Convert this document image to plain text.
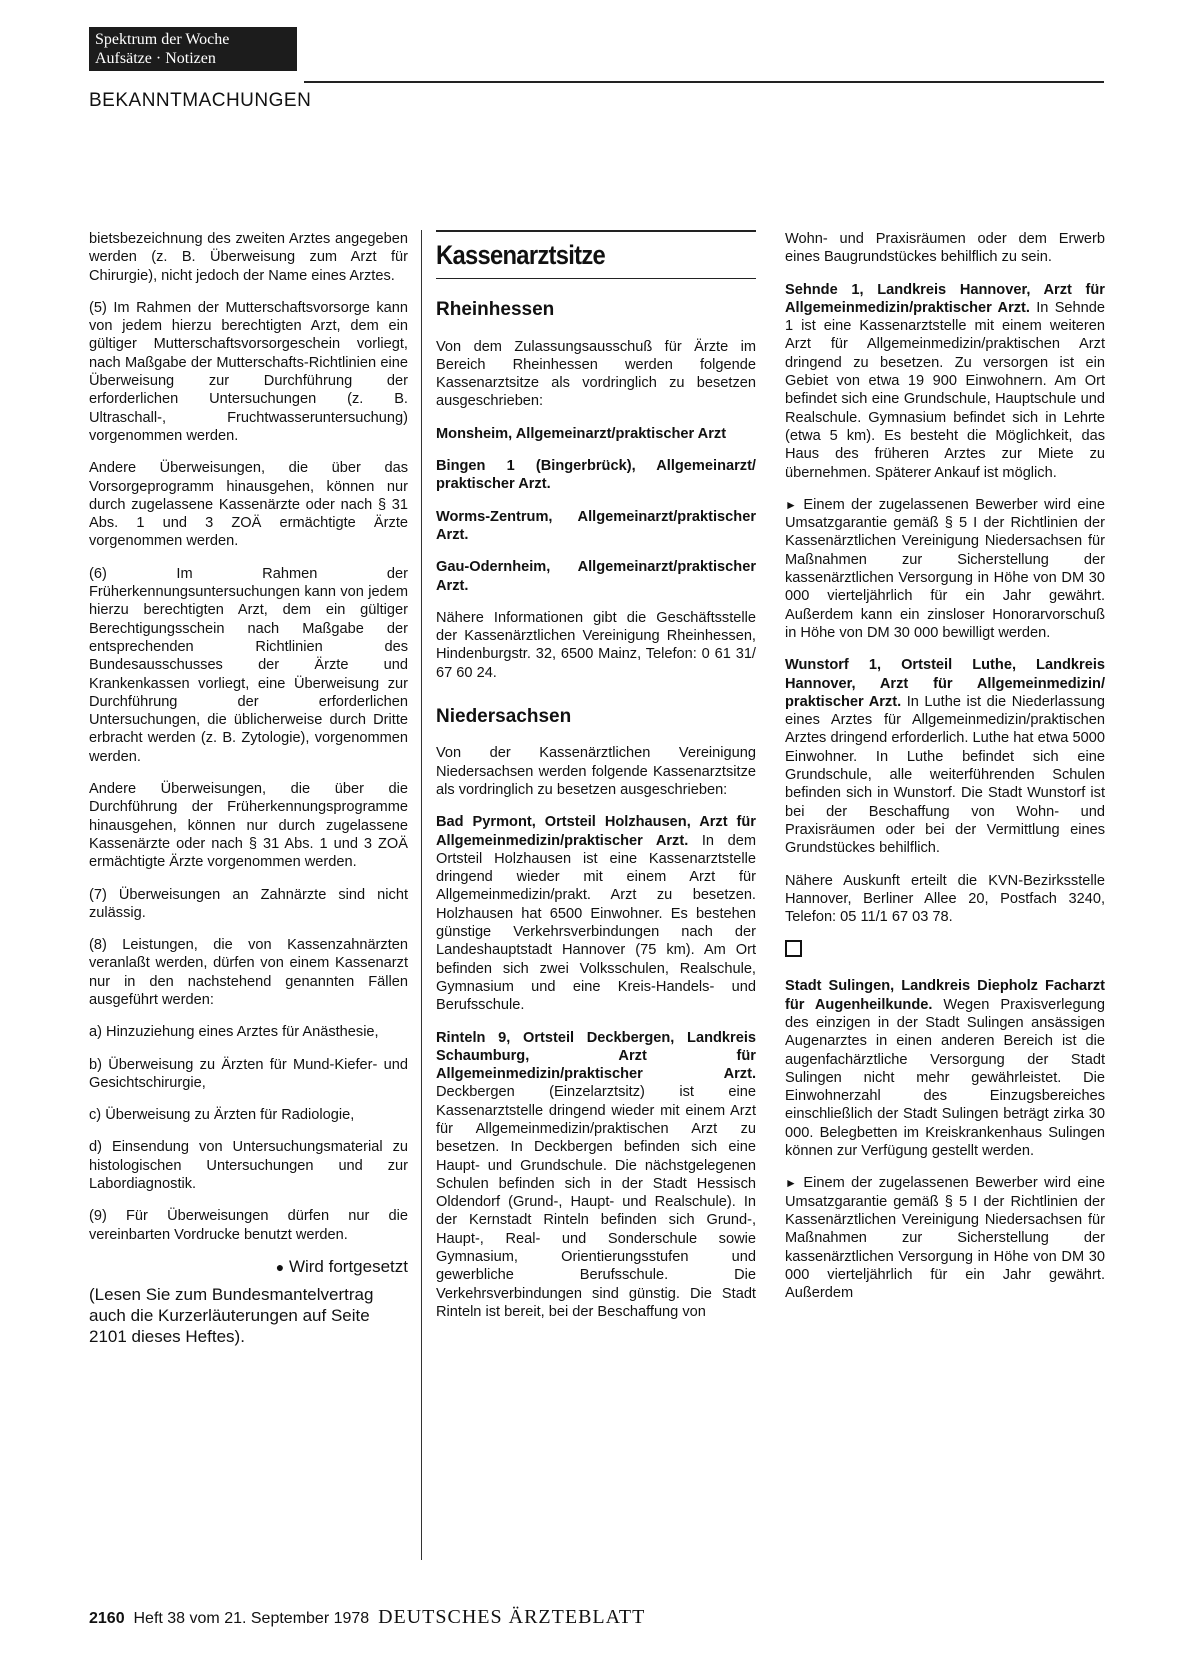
Spektrum der Woche
Aufsätze · Notizen
BEKANNTMACHUNGEN

bietsbezeichnung des zweiten Arztes angegeben werden (z. B. Überweisung zum Arzt für Chirurgie), nicht jedoch der Name eines Arztes.

(5) Im Rahmen der Mutterschaftsvorsorge kann von jedem hierzu berechtigten Arzt, dem ein gültiger Mutterschaftsvorsorgeschein vorliegt, nach Maßgabe der Mutterschafts-Richtlinien eine Überweisung zur Durchführung der erforderlichen Untersuchungen (z. B. Ultraschall-, Fruchtwasseruntersuchung) vorgenommen werden.

Andere Überweisungen, die über das Vorsorgeprogramm hinausgehen, können nur durch zugelassene Kassenärzte oder nach § 31 Abs. 1 und 3 ZOÄ ermächtigte Ärzte vorgenommen werden.

(6) Im Rahmen der Früherkennungsuntersuchungen kann von jedem hierzu berechtigten Arzt, dem ein gültiger Berechtigungsschein nach Maßgabe der entsprechenden Richtlinien des Bundesausschusses der Ärzte und Krankenkassen vorliegt, eine Überweisung zur Durchführung der erforderlichen Untersuchungen, die üblicherweise durch Dritte erbracht werden (z. B. Zytologie), vorgenommen werden.

Andere Überweisungen, die über die Durchführung der Früherkennungsprogramme hinausgehen, können nur durch zugelassene Kassenärzte oder nach § 31 Abs. 1 und 3 ZOÄ ermächtigte Ärzte vorgenommen werden.

(7) Überweisungen an Zahnärzte sind nicht zulässig.

(8) Leistungen, die von Kassenzahnärzten veranlaßt werden, dürfen von einem Kassenarzt nur in den nachstehend genannten Fällen ausgeführt werden:

a) Hinzuziehung eines Arztes für Anästhesie,

b) Überweisung zu Ärzten für Mund-Kiefer- und Gesichtschirurgie,

c) Überweisung zu Ärzten für Radiologie,

d) Einsendung von Untersuchungsmaterial zu histologischen Untersuchungen und zur Labordiagnostik.

(9) Für Überweisungen dürfen nur die vereinbarten Vordrucke benutzt werden.

● Wird fortgesetzt
(Lesen Sie zum Bundesmantelvertrag auch die Kurzerläuterungen auf Seite 2101 dieses Heftes).
Kassenarztsitze
Rheinhessen

Von dem Zulassungsausschuß für Ärzte im Bereich Rheinhessen werden folgende Kassenarztsitze als vordringlich zu besetzen ausgeschrieben:

Monsheim, Allgemeinarzt/praktischer Arzt

Bingen 1 (Bingerbrück), Allgemeinarzt/ praktischer Arzt.

Worms-Zentrum, Allgemeinarzt/praktischer Arzt.

Gau-Odernheim, Allgemeinarzt/praktischer Arzt.

Nähere Informationen gibt die Geschäftsstelle der Kassenärztlichen Vereinigung Rheinhessen, Hindenburgstr. 32, 6500 Mainz, Telefon: 0 61 31/ 67 60 24.

Niedersachsen

Von der Kassenärztlichen Vereinigung Niedersachsen werden folgende Kassenarztsitze als vordringlich zu besetzen ausgeschrieben:

Bad Pyrmont, Ortsteil Holzhausen, Arzt für Allgemeinmedizin/praktischer Arzt. In dem Ortsteil Holzhausen ist eine Kassenarztstelle dringend wieder mit einem Arzt für Allgemeinmedizin/prakt. Arzt zu besetzen. Holzhausen hat 6500 Einwohner. Es bestehen günstige Verkehrsverbindungen nach der Landeshauptstadt Hannover (75 km). Am Ort befinden sich zwei Volksschulen, Realschule, Gymnasium und eine Kreis-Handels- und Berufsschule.

Rinteln 9, Ortsteil Deckbergen, Landkreis Schaumburg, Arzt für Allgemeinmedizin/praktischer Arzt. Deckbergen (Einzelarztsitz) ist eine Kassenarztstelle dringend wieder mit einem Arzt für Allgemeinmedizin/praktischen Arzt zu besetzen. In Deckbergen befinden sich eine Haupt- und Grundschule. Die nächstgelegenen Schulen befinden sich in der Stadt Hessisch Oldendorf (Grund-, Haupt- und Realschule). In der Kernstadt Rinteln befinden sich Grund-, Haupt-, Real- und Sonderschule sowie Gymnasium, Orientierungsstufen und gewerbliche Berufsschule. Die Verkehrsverbindungen sind günstig. Die Stadt Rinteln ist bereit, bei der Beschaffung von

Wohn- und Praxisräumen oder dem Erwerb eines Baugrundstückes behilflich zu sein.

Sehnde 1, Landkreis Hannover, Arzt für Allgemeinmedizin/praktischer Arzt. In Sehnde 1 ist eine Kassenarztstelle mit einem weiteren Arzt für Allgemeinmedizin/praktischen Arzt dringend zu besetzen. Zu versorgen ist ein Gebiet von etwa 19 900 Einwohnern. Am Ort befindet sich eine Grundschule, Hauptschule und Realschule. Gymnasium befindet sich in Lehrte (etwa 5 km). Es besteht die Möglichkeit, das Haus des früheren Arztes zur Miete zu übernehmen. Späterer Ankauf ist möglich.

► Einem der zugelassenen Bewerber wird eine Umsatzgarantie gemäß § 5 I der Richtlinien der Kassenärztlichen Vereinigung Niedersachsen für Maßnahmen zur Sicherstellung der kassenärztlichen Versorgung in Höhe von DM 30 000 vierteljährlich für ein Jahr gewährt. Außerdem kann ein zinsloser Honorarvorschuß in Höhe von DM 30 000 bewilligt werden.

Wunstorf 1, Ortsteil Luthe, Landkreis Hannover, Arzt für Allgemeinmedizin/ praktischer Arzt. In Luthe ist die Niederlassung eines Arztes für Allgemeinmedizin/praktischen Arztes dringend erforderlich. Luthe hat etwa 5000 Einwohner. In Luthe befindet sich eine Grundschule, alle weiterführenden Schulen befinden sich in Wunstorf. Die Stadt Wunstorf ist bei der Beschaffung von Wohn- und Praxisräumen oder bei der Vermittlung eines Grundstückes behilflich.

Nähere Auskunft erteilt die KVN-Bezirksstelle Hannover, Berliner Allee 20, Postfach 3240, Telefon: 05 11/1 67 03 78.

Stadt Sulingen, Landkreis Diepholz Facharzt für Augenheilkunde. Wegen Praxisverlegung des einzigen in der Stadt Sulingen ansässigen Augenarztes in einen anderen Bereich ist die augenfachärztliche Versorgung der Stadt Sulingen nicht mehr gewährleistet. Die Einwohnerzahl des Einzugsbereiches einschließlich der Stadt Sulingen beträgt zirka 30 000. Belegbetten im Kreiskrankenhaus Sulingen können zur Verfügung gestellt werden.

► Einem der zugelassenen Bewerber wird eine Umsatzgarantie gemäß § 5 I der Richtlinien der Kassenärztlichen Vereinigung Niedersachsen für Maßnahmen zur Sicherstellung der kassenärztlichen Versorgung in Höhe von DM 30 000 vierteljährlich für ein Jahr gewährt. Außerdem

2160 Heft 38 vom 21. September 1978 DEUTSCHES ÄRZTEBLATT
